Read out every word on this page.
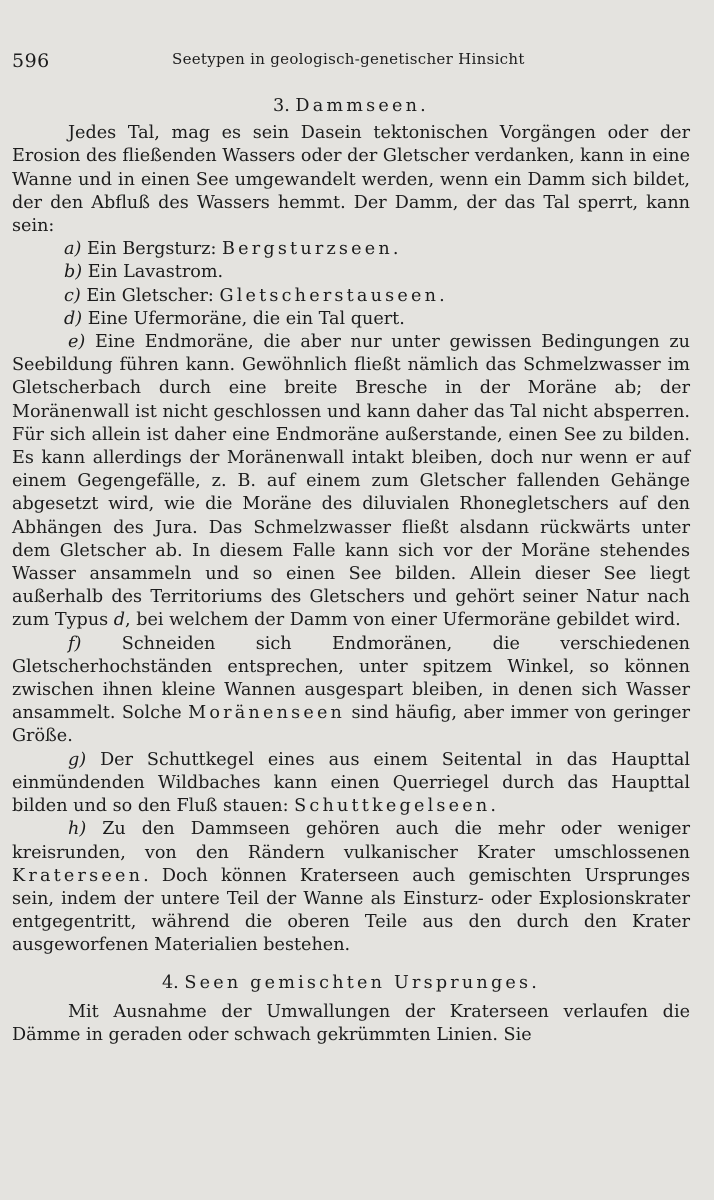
596	Seetypen in geologisch-genetischer Hinsicht
3. Dammseen.

Jedes Tal, mag es sein Dasein tektonischen Vorgängen oder der Erosion des fließenden Wassers oder der Gletscher verdanken, kann in eine Wanne und in einen See umgewandelt werden, wenn ein Damm sich bildet, der den Abfluß des Wassers hemmt. Der Damm, der das Tal sperrt, kann sein:

a) Ein Bergsturz: Bergsturzseen.

b) Ein Lavastrom.

c) Ein Gletscher: Gletscherstauseen.

d) Eine Ufermoräne, die ein Tal quert.

e) Eine Endmoräne, die aber nur unter gewissen Bedingungen zu Seebildung führen kann. Gewöhnlich fließt nämlich das Schmelzwasser im Gletscherbach durch eine breite Bresche in der Moräne ab; der Moränenwall ist nicht geschlossen und kann daher das Tal nicht absperren. Für sich allein ist daher eine Endmoräne außerstande, einen See zu bilden. Es kann allerdings der Moränenwall intakt bleiben, doch nur wenn er auf einem Gegengefälle, z. B. auf einem zum Gletscher fallenden Gehänge abgesetzt wird, wie die Moräne des diluvialen Rhonegletschers auf den Abhängen des Jura. Das Schmelzwasser fließt alsdann rückwärts unter dem Gletscher ab. In diesem Falle kann sich vor der Moräne stehendes Wasser ansammeln und so einen See bilden. Allein dieser See liegt außerhalb des Territoriums des Gletschers und gehört seiner Natur nach zum Typus d, bei welchem der Damm von einer Ufermoräne gebildet wird.

f) Schneiden sich Endmoränen, die verschiedenen Gletscherhochständen entsprechen, unter spitzem Winkel, so können zwischen ihnen kleine Wannen ausgespart bleiben, in denen sich Wasser ansammelt. Solche Moränenseen sind häufig, aber immer von geringer Größe.

g) Der Schuttkegel eines aus einem Seitental in das Haupttal einmündenden Wildbaches kann einen Querriegel durch das Haupttal bilden und so den Fluß stauen: Schuttkegelseen.

h) Zu den Dammseen gehören auch die mehr oder weniger kreisrunden, von den Rändern vulkanischer Krater umschlossenen Kraterseen. Doch können Kraterseen auch gemischten Ursprunges sein, indem der untere Teil der Wanne als Einsturz- oder Explosionskrater entgegentritt, während die oberen Teile aus den durch den Krater ausgeworfenen Materialien bestehen.

4. Seen gemischten Ursprunges.

Mit Ausnahme der Umwallungen der Kraterseen verlaufen die Dämme in geraden oder schwach gekrümmten Linien. Sie
